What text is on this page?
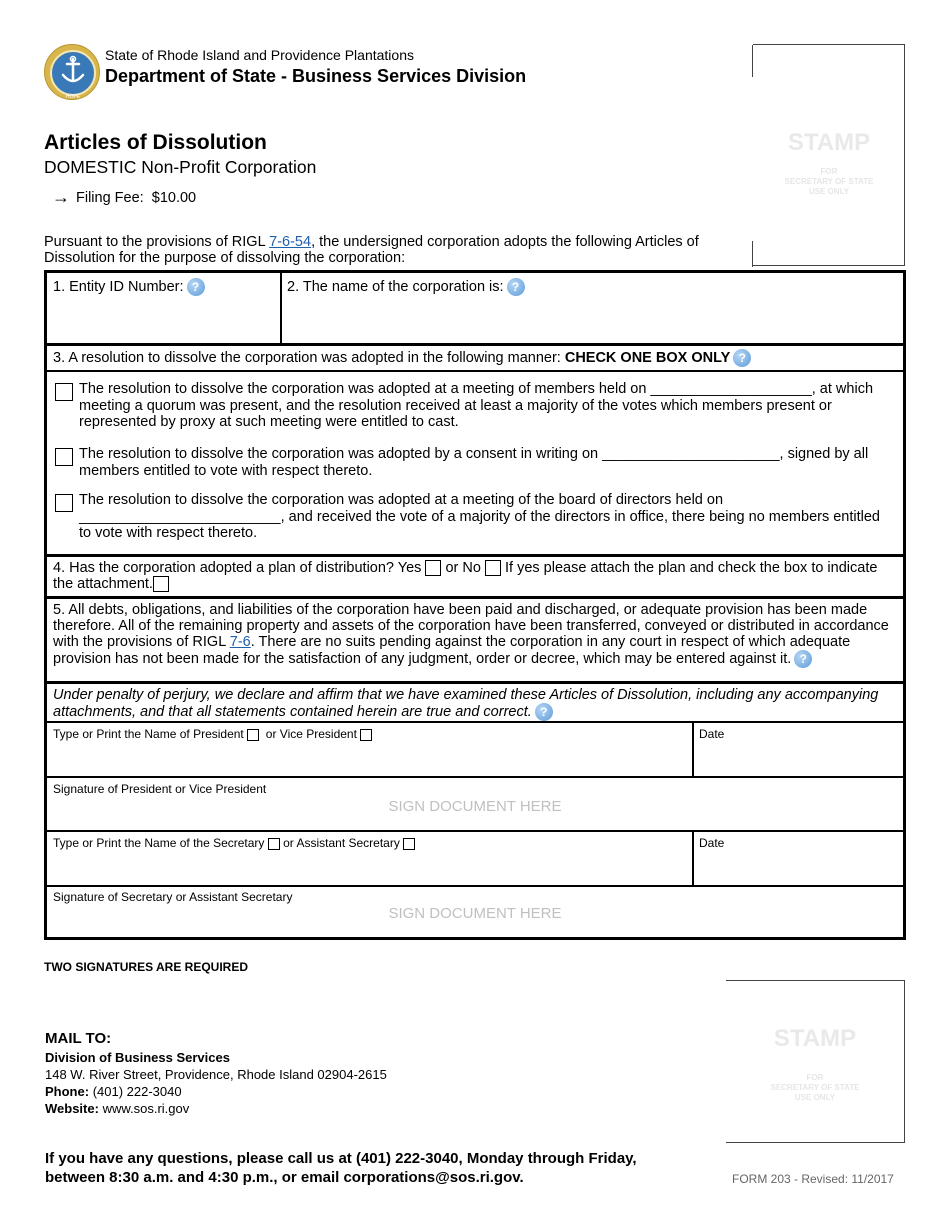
HOPE
State of Rhode Island and Providence Plantations
Department of State - Business Services Division
STAMP
FOR
SECRETARY OF STATE
USE ONLY
Articles of Dissolution
DOMESTIC Non-Profit Corporation
→ Filing Fee:
$10.00
Pursuant to the provisions of RIGL 7-6-54, the undersigned corporation adopts the following Articles of Dissolution for the purpose of dissolving the corporation:
1. Entity ID Number: ?	2. The name of the corporation is: ?
3. A resolution to dissolve the corporation was adopted in the following manner: CHECK ONE BOX ONLY ?
The resolution to dissolve the corporation was adopted at a meeting of members held on ____________________, at which meeting a quorum was present, and the resolution received at least a majority of the votes which members present or represented by proxy at such meeting were entitled to cast.
The resolution to dissolve the corporation was adopted by a consent in writing on ______________________, signed by all members entitled to vote with respect thereto.
The resolution to dissolve the corporation was adopted at a meeting of the board of directors held on _________________________, and received the vote of a majority of the directors in office, there being no members entitled to vote with respect thereto.
4. Has the corporation adopted a plan of distribution? Yes or No If yes please attach the plan and check the box to indicate the attachment.
5. All debts, obligations, and liabilities of the corporation have been paid and discharged, or adequate provision has been made therefore. All of the remaining property and assets of the corporation have been transferred, conveyed or distributed in accordance with the provisions of RIGL 7-6. There are no suits pending against the corporation in any court in respect of which adequate provision has not been made for the satisfaction of any judgment, order or decree, which may be entered against it. ?
Under penalty of perjury, we declare and affirm that we have examined these Articles of Dissolution, including any accompanying attachments, and that all statements contained herein are true and correct. ?
Type or Print the Name of President or Vice President	Date
Signature of President or Vice President
SIGN DOCUMENT HERE
Type or Print the Name of the Secretary or Assistant Secretary	Date
Signature of Secretary or Assistant Secretary
SIGN DOCUMENT HERE
TWO SIGNATURES ARE REQUIRED
MAIL TO:
Division of Business Services
148 W. River Street, Providence, Rhode Island 02904-2615
Phone: (401) 222-3040
Website: www.sos.ri.gov
STAMP
FOR
SECRETARY OF STATE
USE ONLY
If you have any questions, please call us at (401) 222-3040, Monday through Friday,
between 8:30 a.m. and 4:30 p.m., or email corporations@sos.ri.gov.	FORM 203 - Revised: 11/2017
